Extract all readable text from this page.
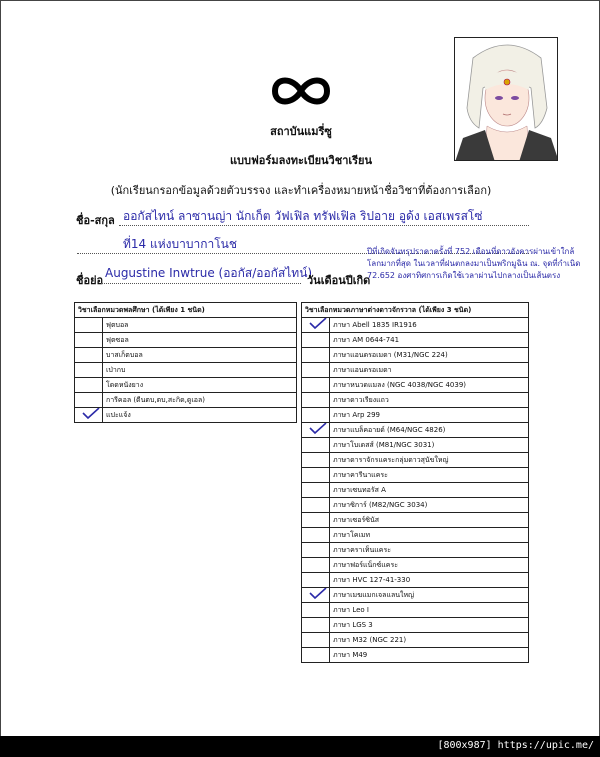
สถาบันแมรี่ซู
แบบฟอร์มลงทะเบียนวิชาเรียน
(นักเรียนกรอกข้อมูลด้วยตัวบรรจง และทำเครื่องหมายหน้าชื่อวิชาที่ต้องการเลือก)
ชื่อ-สกุล ออกัสไทน์ ลาซานญ่า นักเก็ต วัฟเฟิล ทรัฟเฟิล ริปอาย อูด้ง เอสเพรสโซ่
ที่14 แห่งบาบากาโนช
ชื่อย่อ
Augustine Inwtrue (ออกัส/ออกัสไทน์)
วันเดือนปีเกิด
ปีที่เกิดจันทรุปราคาครั้งที่ 752 เดือนที่ดาวอังคารผ่านเข้าใกล้โลกมากที่สุด ในเวลาที่ฝนตกลงมาเป็นพริกมูฉิน ณ. จุดที่กำเนิด 72.652 องศาทิศการเกิดใช้เวลาผ่านไปกลางเป็นเส้นตรง
วิชาเลือกหมวดพลศึกษา (ได้เพียง 1 ชนิด)	
	ฟุตบอล
	ฟุตซอล
	บาสเก็ตบอล
	เป่ากบ
	โดดหนังยาง
	การีคอล (ตีนตบ,ตบ,สะกิด,ดูเอล)

	แปะแจ้ง
วิชาเลือกหมวดภาษาต่างดาวจักรวาล (ได้เพียง 3 ชนิด)	

	ภาษา Abell 1835 IR1916
	ภาษา AM 0644-741
	ภาษาแอนดรอเมดา (M31/NGC 224)
	ภาษาแอนดรอเมดา
	ภาษาหนวดแมลง (NGC 4038/NGC 4039)
	ภาษาดาวเรียงแถว
	ภาษา Arp 299

	ภาษาแบล็คอายด์ (M64/NGC 4826)
	ภาษาโบเดสส์ (M81/NGC 3031)
	ภาษาดาราจักรแคระกลุ่มดาวสุนัขใหญ่
	ภาษาคารีนาแคระ
	ภาษาเซนทอรัส A
	ภาษาซิการ์ (M82/NGC 3034)
	ภาษาเซอร์ซินัส
	ภาษาโคเมท
	ภาษาคราเท็นแคระ
	ภาษาฟอร์แน็กซ์แคระ
	ภาษา HVC 127-41-330

	ภาษาเมฆแมกเจลแลนใหญ่
	ภาษา Leo I
	ภาษา LGS 3
	ภาษา M32 (NGC 221)
	ภาษา M49
[800x987] https://upic.me/
